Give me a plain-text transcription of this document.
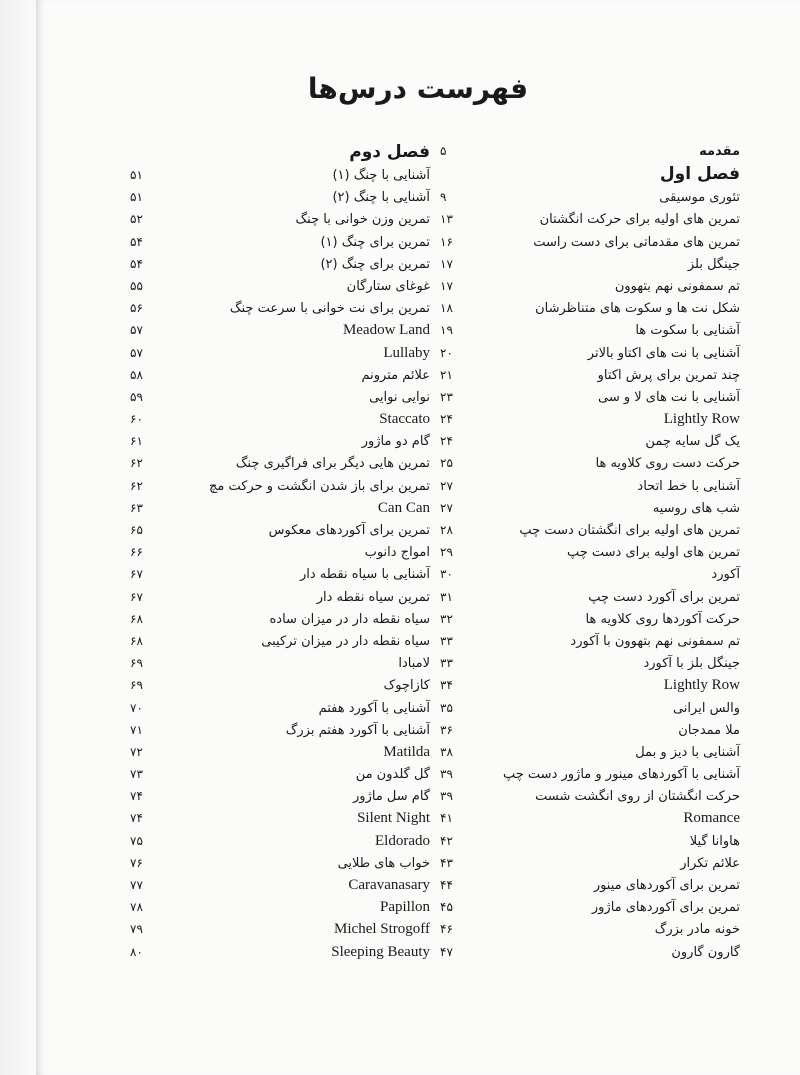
فهرست درس‌ها
مقدمه
۵
فصل اول
تئوری موسیقی
۹
تمرین های اولیه برای حرکت انگشتان
۱۳
تمرین های مقدماتی برای دست راست
۱۶
جینگل بلز
۱۷
تم سمفونی نهم بتهوون
۱۷
شکل نت ها و سکوت های متناظرشان
۱۸
آشنایی با سکوت ها
۱۹
آشنایی با نت های اکتاو بالاتر
۲۰
چند تمرین برای پرش اکتاو
۲۱
آشنایی با نت های لا و سی
۲۳
Lightly Row
۲۴
یک گل سایه چمن
۲۴
حرکت دست روی کلاویه ها
۲۵
آشنایی با خط اتحاد
۲۷
شب های روسیه
۲۷
تمرین های اولیه برای انگشتان دست چپ
۲۸
تمرین های اولیه برای دست چپ
۲۹
آکورد
۳۰
تمرین برای آکورد دست چپ
۳۱
حرکت آکوردها روی کلاویه ها
۳۲
تم سمفونی نهم بتهوون با آکورد
۳۳
جینگل بلز با آکورد
۳۳
Lightly Row
۳۴
والس ایرانی
۳۵
ملا ممدجان
۳۶
آشنایی با دیز و بمل
۳۸
آشنایی با آکوردهای مینور و ماژور دست چپ
۳۹
حرکت انگشتان از روی انگشت شست
۳۹
Romance
۴۱
هاوانا گیلا
۴۲
علائم تکرار
۴۳
تمرین برای آکوردهای مینور
۴۴
تمرین برای آکوردهای ماژور
۴۵
خونه مادر بزرگ
۴۶
گارون گارون
۴۷
فصل دوم
آشنایی با چنگ (۱)
۵۱
آشنایی با چنگ (۲)
۵۱
تمرین وزن خوانی با چنگ
۵۲
تمرین برای چنگ (۱)
۵۴
تمرین برای چنگ (۲)
۵۴
غوغای ستارگان
۵۵
تمرین برای نت خوانی با سرعت چنگ
۵۶
Meadow Land
۵۷
Lullaby
۵۷
علائم مترونم
۵۸
نوایی نوایی
۵۹
Staccato
۶۰
گام دو ماژور
۶۱
تمرین هایی دیگر برای فراگیری چنگ
۶۲
تمرین برای باز شدن انگشت و حرکت مچ
۶۲
Can Can
۶۳
تمرین برای آکوردهای معکوس
۶۵
امواج دانوب
۶۶
آشنایی با سیاه نقطه دار
۶۷
تمرین سیاه نقطه دار
۶۷
سیاه نقطه دار در میزان ساده
۶۸
سیاه نقطه دار در میزان ترکیبی
۶۸
لامبادا
۶۹
کازاچوک
۶۹
آشنایی با آکورد هفتم
۷۰
آشنایی با آکورد هفتم بزرگ
۷۱
Matilda
۷۲
گل گلدون من
۷۳
گام سل ماژور
۷۴
Silent Night
۷۴
Eldorado
۷۵
خواب های طلایی
۷۶
Caravanasary
۷۷
Papillon
۷۸
Michel Strogoff
۷۹
Sleeping Beauty
۸۰
